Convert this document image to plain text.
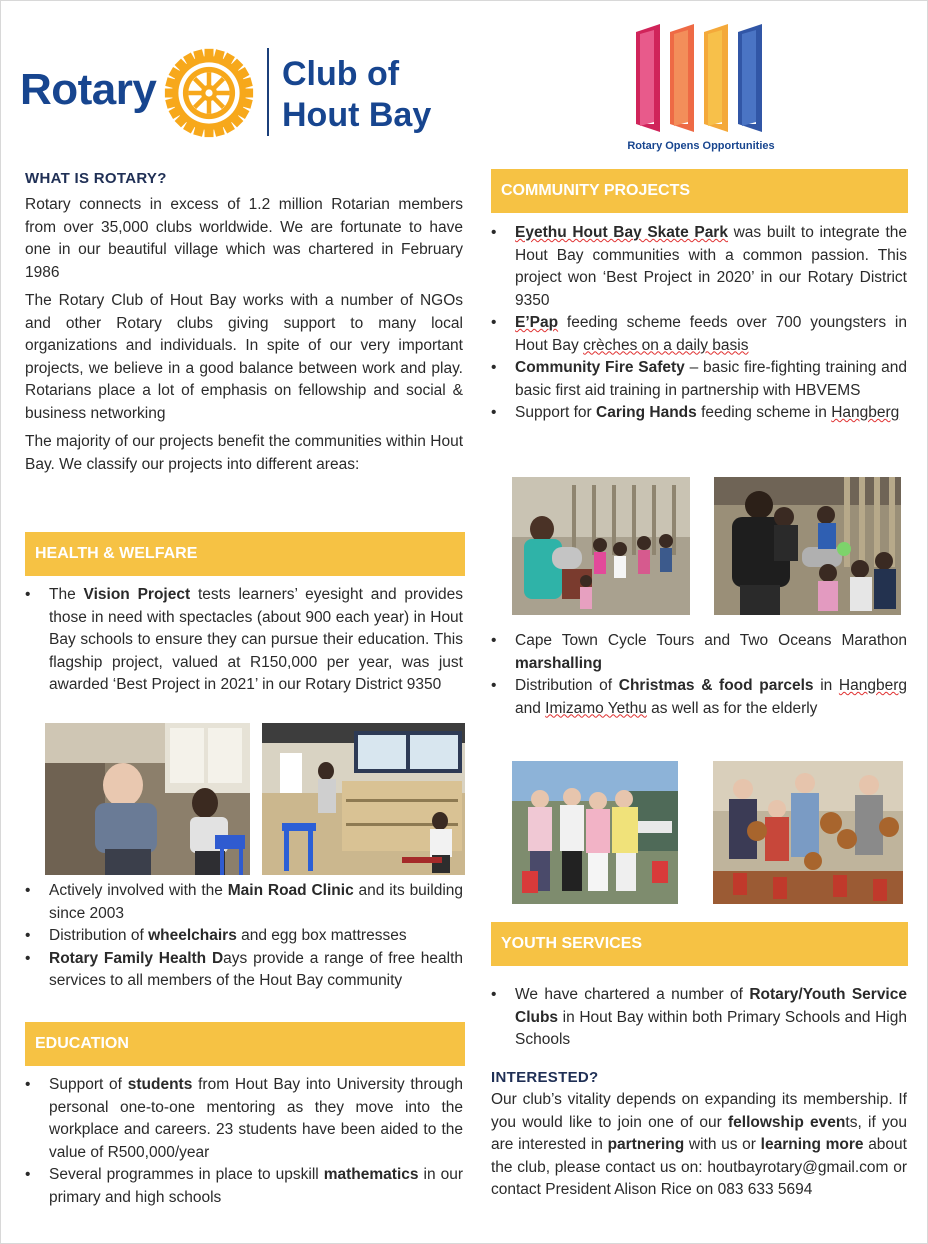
Rotary	Club of
Hout Bay
Rotary Opens Opportunities
WHAT IS ROTARY?

Rotary connects in excess of 1.2 million Rotarian members from over 35,000 clubs worldwide. We are fortunate to have one in our beautiful village which was chartered in February 1986

The Rotary Club of Hout Bay works with a number of NGOs and other Rotary clubs giving support to many local organizations and individuals. In spite of our very important projects, we believe in a good balance between work and play. Rotarians place a lot of emphasis on fellowship and social & business networking

The majority of our projects benefit the communities within Hout Bay. We classify our projects into different areas:

HEALTH & WELFARE
• The Vision Project tests learners’ eyesight and provides those in need with spectacles (about 900 each year) in Hout Bay schools to ensure they can pursue their education. This flagship project, valued at R150,000 per year, was just awarded ‘Best Project in 2021’ in our Rotary District 9350
• Actively involved with the Main Road Clinic and its building since 2003
• Distribution of wheelchairs and egg box mattresses
• Rotary Family Health Days provide a range of free health services to all members of the Hout Bay community
EDUCATION
• Support of students from Hout Bay into University through personal one-to-one mentoring as they move into the workplace and careers. 23 students have been aided to the value of R500,000/year
• Several programmes in place to upskill mathematics in our primary and high schools
COMMUNITY PROJECTS
• Eyethu Hout Bay Skate Park was built to integrate the Hout Bay communities with a common passion. This project won ‘Best Project in 2020’ in our Rotary District 9350
• E’Pap feeding scheme feeds over 700 youngsters in Hout Bay crèches on a daily basis
• Community Fire Safety – basic fire-fighting training and basic first aid training in partnership with HBVEMS
• Support for Caring Hands feeding scheme in Hangberg
• Cape Town Cycle Tours and Two Oceans Marathon marshalling
• Distribution of Christmas & food parcels in Hangberg and Imizamo Yethu as well as for the elderly
YOUTH SERVICES
• We have chartered a number of Rotary/Youth Service Clubs in Hout Bay within both Primary Schools and High Schools
INTERESTED?
Our club’s vitality depends on expanding its membership. If you would like to join one of our fellowship events, if you are interested in partnering with us or learning more about the club, please contact us on: houtbayrotary@gmail.com or contact President Alison Rice on 083 633 5694
